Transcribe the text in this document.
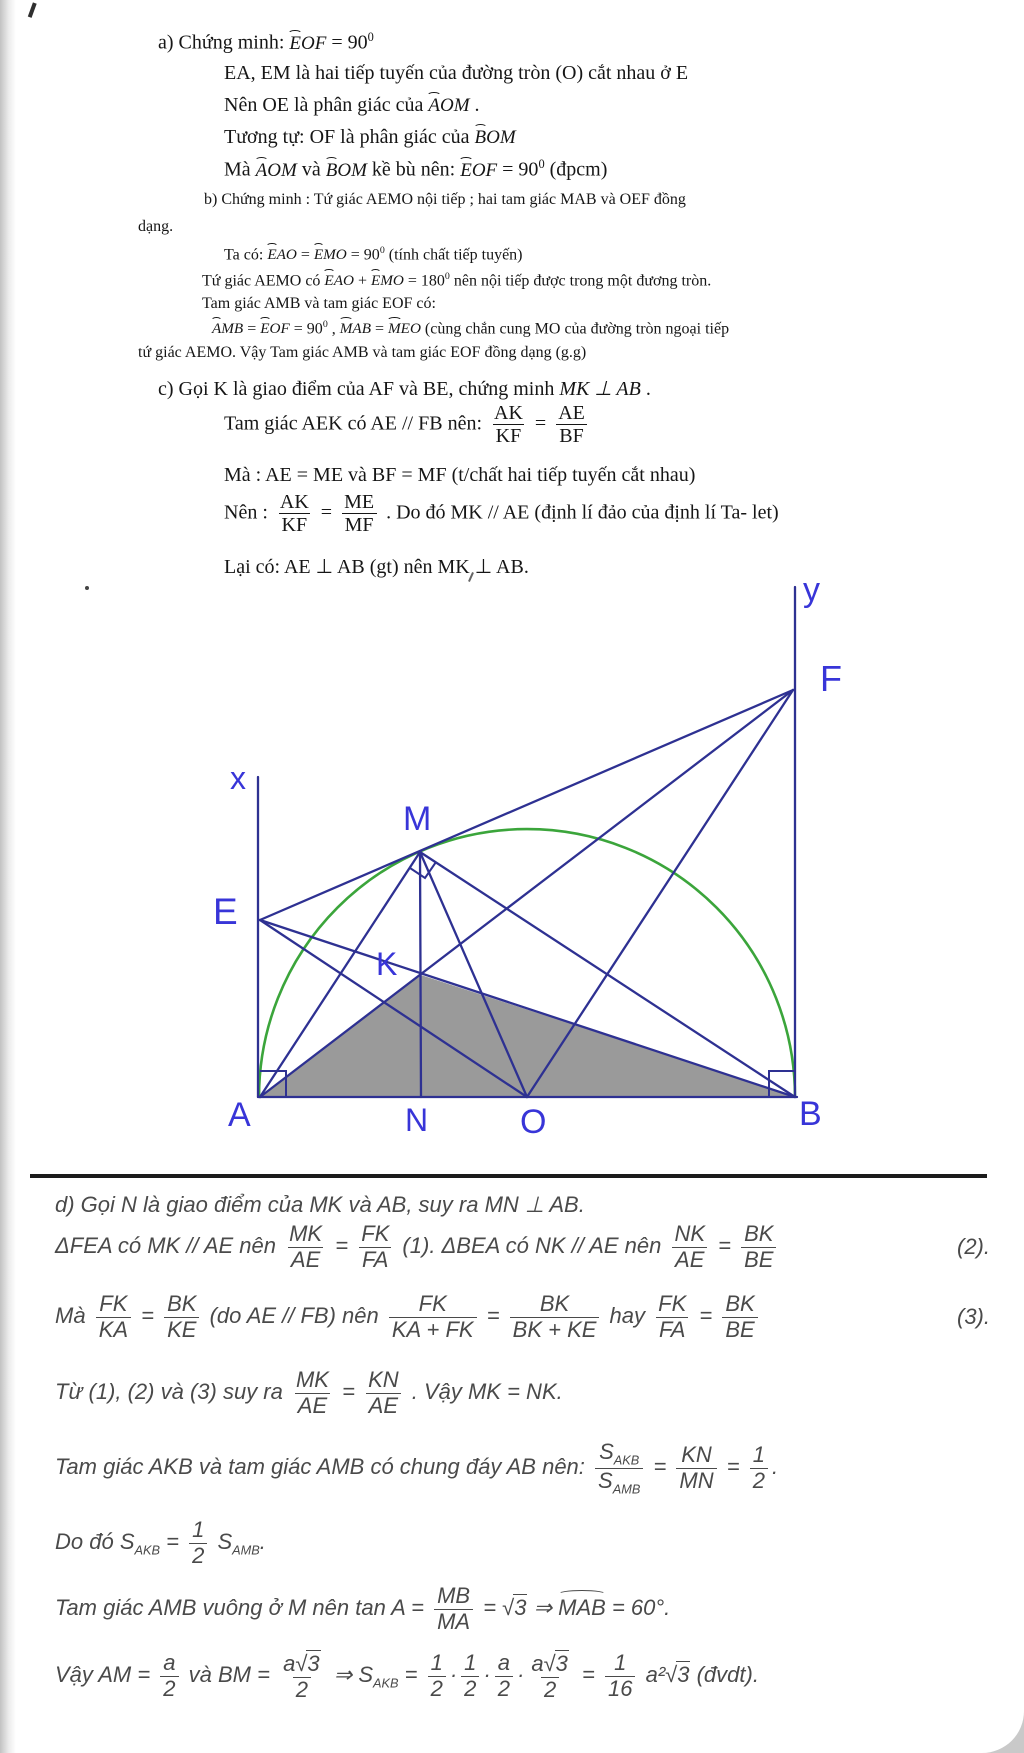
a) Chứng minh: EOF = $90^0$
EA, EM là hai tiếp tuyến của đường tròn (O) cắt nhau ở E
Nên OE là phân giác của AOM .
Tương tự: OF là phân giác của BOM
Mà AOM và BOM kề bù nên: EOF = $90^0$ (đpcm)
b) Chứng minh : Tứ giác AEMO nội tiếp ; hai tam giác MAB và OEF đồng
dạng.
Ta có: EAO = EMO = $90^0$ (tính chất tiếp tuyến)
Tứ giác AEMO có EAO + EMO = $180^0$ nên nội tiếp được trong một đương tròn.
Tam giác AMB và tam giác EOF có:
AMB = EOF = $90^0$ , MAB = MEO (cùng chắn cung MO của đường tròn ngoại tiếp
tứ giác AEMO. Vậy Tam giác AMB và tam giác EOF đồng dạng (g.g)
c) Gọi K là giao điểm của AF và BE, chứng minh MK ⊥ AB .
Tam giác AEK có AE // FB nên: $\frac{AK}{KF} = \frac{AE}{BF}$
Mà : AE = ME và BF = MF (t/chất hai tiếp tuyến cắt nhau)
Nên : $\frac{AK}{KF} = \frac{ME}{MF}$ . Do đó MK // AE (định lí đảo của định lí Ta- let)
Lại có: AE ⊥ AB (gt) nên MK ⊥ AB.
x
y
F
M
E
K
A	N	O	B
d) Gọi N là giao điểm của MK và AB, suy ra MN ⊥ AB.
ΔFEA có MK // AE nên $\frac{MK}{AE} = \frac{FK}{FA} (1)$. ΔBEA có NK // AE nên $\frac{NK}{AE} = \frac{BK}{BE}$	(2).
Mà $\frac{FK}{KA} = \frac{BK}{KE} (do$ AE // FB) nên $\frac{FK}{KA + FK} = \frac{BK}{BK + KE}$ hay $\frac{FK}{FA} = \frac{BK}{BE}$	(3).
Từ (1), (2) và (3) suy ra $\frac{MK}{AE} = \frac{KN}{AE}$ . Vậy MK = NK.
Tam giác AKB và tam giác AMB có chung đáy AB nên: $\frac{S_{AKB}}{S_{AMB}} = \frac{KN}{MN} = \frac{1}{2}$ .
Do đó $S_{AKB} = \frac{1}{2} S_{AMB}$.
Tam giác AMB vuông ở M nên $\tan A = \frac{MB}{MA} = √3$ ⇒ MAB = 60°.
Vậy AM = $\frac{a}{2}$ và BM = $\frac{a√3}{2}$ ⇒ $S_{AKB} = \frac{1}{2} \cdot \frac{1}{2} \cdot \frac{a}{2} \cdot \frac{a√3}{2} = \frac{1}{16} a^2√3$ (đvdt).
